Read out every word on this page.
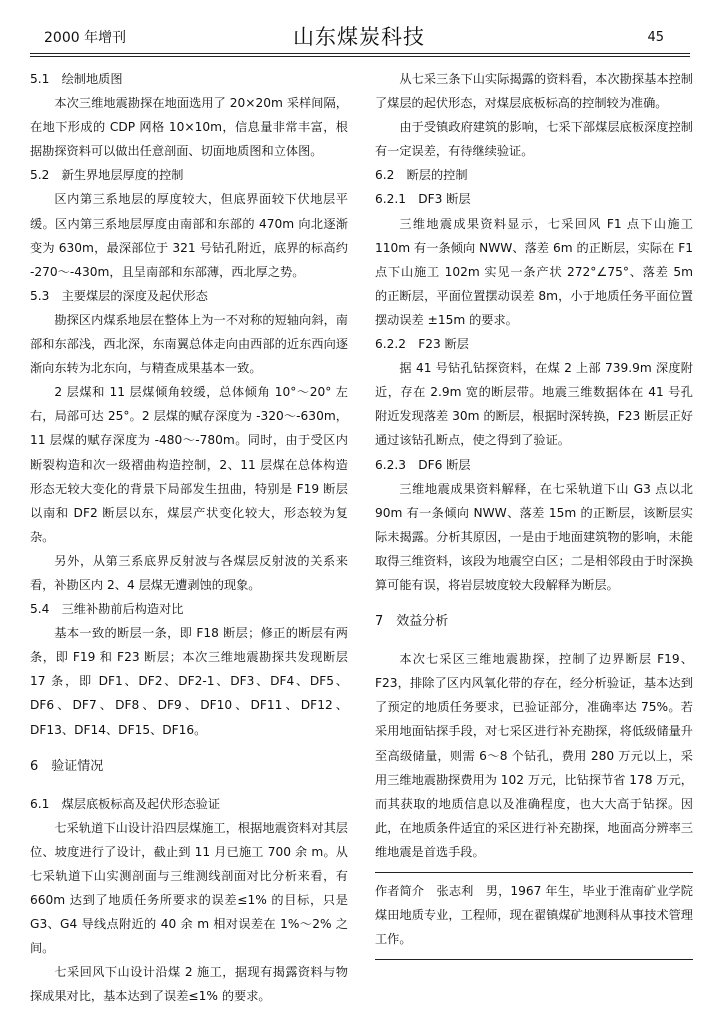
2000 年增刊	山东煤炭科技	45
5.1　绘制地质图

本次三维地震勘探在地面选用了 20×20m 采样间隔，在地下形成的 CDP 网格 10×10m，信息量非常丰富，根据勘探资料可以做出任意剖面、切面地质图和立体图。

5.2　新生界地层厚度的控制

区内第三系地层的厚度较大，但底界面较下伏地层平缓。区内第三系地层厚度由南部和东部的 470m 向北逐渐变为 630m，最深部位于 321 号钻孔附近，底界的标高约 -270～-430m，且呈南部和东部薄，西北厚之势。

5.3　主要煤层的深度及起伏形态

勘探区内煤系地层在整体上为一不对称的短轴向斜，南部和东部浅，西北深，东南翼总体走向由西部的近东西向逐渐向东转为北东向，与精查成果基本一致。

2 层煤和 11 层煤倾角较缓，总体倾角 10°～20° 左右，局部可达 25°。2 层煤的赋存深度为 -320～-630m，11 层煤的赋存深度为 -480～-780m。同时，由于受区内断裂构造和次一级褶曲构造控制，2、11 层煤在总体构造形态无较大变化的背景下局部发生扭曲，特别是 F19 断层以南和 DF2 断层以东，煤层产状变化较大，形态较为复杂。

另外，从第三系底界反射波与各煤层反射波的关系来看，补勘区内 2、4 层煤无遭剥蚀的现象。

5.4　三维补勘前后构造对比

基本一致的断层一条，即 F18 断层；修正的断层有两条，即 F19 和 F23 断层；本次三维地震勘探共发现断层 17 条，即 DF1、DF2、DF2-1、DF3、DF4、DF5、DF6、DF7、DF8、DF9、DF10、DF11、DF12、DF13、DF14、DF15、DF16。

6　验证情况
6.1　煤层底板标高及起伏形态验证

七采轨道下山设计沿四层煤施工，根据地震资料对其层位、坡度进行了设计，截止到 11 月已施工 700 余 m。从七采轨道下山实测剖面与三维测线剖面对比分析来看，有 660m 达到了地质任务所要求的误差≤1% 的目标，只是 G3、G4 导线点附近的 40 余 m 相对误差在 1%～2% 之间。

七采回风下山设计沿煤 2 施工，据现有揭露资料与物探成果对比，基本达到了误差≤1% 的要求。

从七采三条下山实际揭露的资料看，本次勘探基本控制了煤层的起伏形态，对煤层底板标高的控制较为准确。

由于受镇政府建筑的影响，七采下部煤层底板深度控制有一定误差，有待继续验证。

6.2　断层的控制
6.2.1　DF3 断层

三维地震成果资料显示，七采回风 F1 点下山施工 110m 有一条倾向 NWW、落差 6m 的正断层，实际在 F1 点下山施工 102m 实见一条产状 272°∠75°、落差 5m 的正断层，平面位置摆动误差 8m，小于地质任务平面位置摆动误差 ±15m 的要求。

6.2.2　F23 断层

据 41 号钻孔钻探资料，在煤 2 上部 739.9m 深度附近，存在 2.9m 宽的断层带。地震三维数据体在 41 号孔附近发现落差 30m 的断层，根据时深转换，F23 断层正好通过该钻孔断点，使之得到了验证。

6.2.3　DF6 断层

三维地震成果资料解释，在七采轨道下山 G3 点以北 90m 有一条倾向 NWW、落差 15m 的正断层，该断层实际未揭露。分析其原因，一是由于地面建筑物的影响，未能取得三维资料，该段为地震空白区；二是相邻段由于时深换算可能有误，将岩层坡度较大段解释为断层。

7　效益分析

本次七采区三维地震勘探，控制了边界断层 F19、F23，排除了区内风氧化带的存在，经分析验证，基本达到了预定的地质任务要求，已验证部分，准确率达 75%。若采用地面钻探手段，对七采区进行补充勘探，将低级储量升至高级储量，则需 6～8 个钻孔，费用 280 万元以上，采用三维地震勘探费用为 102 万元，比钻探节省 178 万元，而其获取的地质信息以及准确程度，也大大高于钻探。因此，在地质条件适宜的采区进行补充勘探，地面高分辨率三维地震是首选手段。

作者简介　张志利　男，1967 年生，毕业于淮南矿业学院煤田地质专业，工程师，现在翟镇煤矿地测科从事技术管理工作。
